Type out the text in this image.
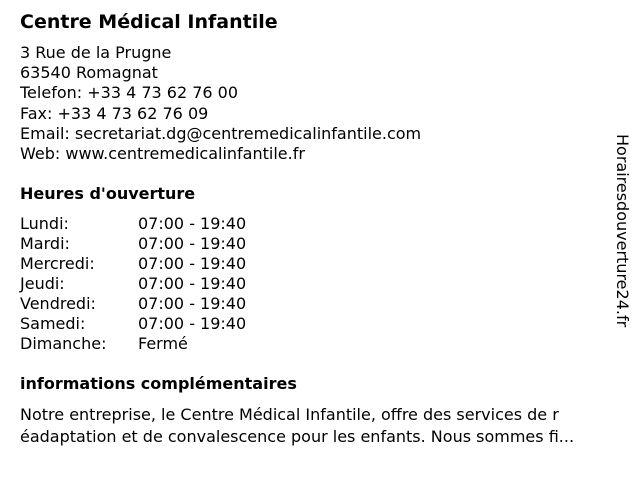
Centre Médical Infantile
3 Rue de la Prugne
63540 Romagnat
Telefon: +33 4 73 62 76 00
Fax: +33 4 73 62 76 09
Email: secretariat.dg@centremedicalinfantile.com
Web: www.centremedicalinfantile.fr
Heures d'ouverture
Lundi:	07:00 - 19:40
Mardi:	07:00 - 19:40
Mercredi:	07:00 - 19:40
Jeudi:	07:00 - 19:40
Vendredi:	07:00 - 19:40
Samedi:	07:00 - 19:40
Dimanche: Fermé
informations complémentaires
Notre entreprise, le Centre Médical Infantile, offre des services de r
éadaptation et de convalescence pour les enfants. Nous sommes fi...
Horairesdouverture24.fr
